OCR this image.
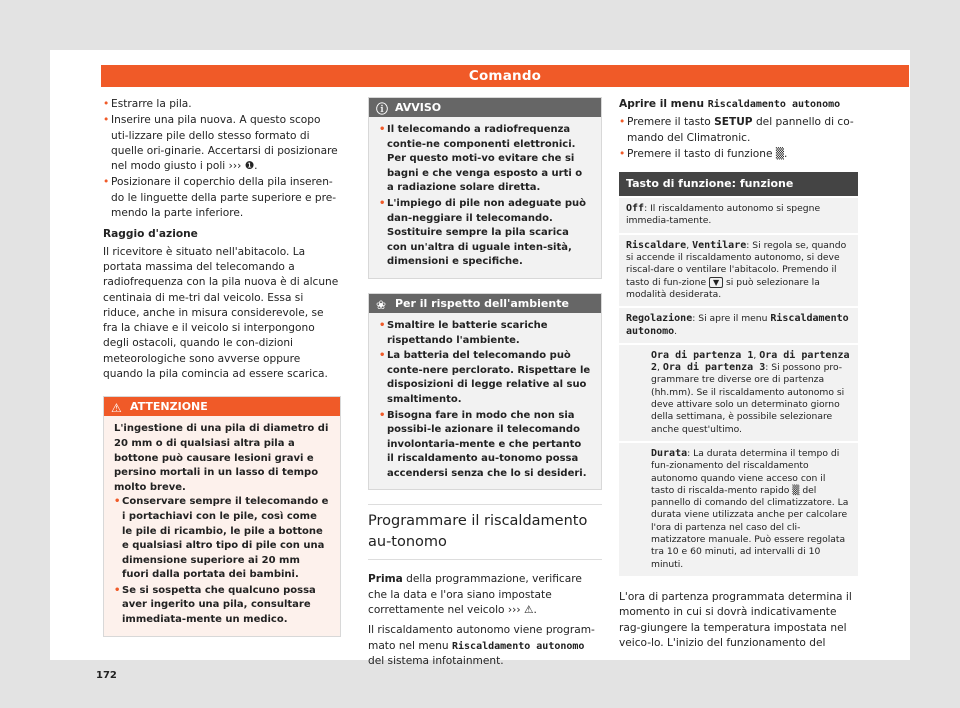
Comando
• Estrarre la pila.
• Inserire una pila nuova. A questo scopo uti-lizzare pile dello stesso formato di quelle ori-ginarie. Accertarsi di posizionare nel modo giusto i poli ››› ❶.
• Posizionare il coperchio della pila inseren-do le linguette della parte superiore e pre-mendo la parte inferiore.
Raggio d'azione
Il ricevitore è situato nell'abitacolo. La portata massima del telecomando a radiofrequenza con la pila nuova è di alcune centinaia di me-tri dal veicolo. Essa si riduce, anche in misura considerevole, se fra la chiave e il veicolo si interpongono degli ostacoli, quando le con-dizioni meteorologiche sono avverse oppure quando la pila comincia ad essere scarica.
⚠ ATTENZIONE
L'ingestione di una pila di diametro di 20 mm o di qualsiasi altra pila a bottone può causare lesioni gravi e persino mortali in un lasso di tempo molto breve.
• Conservare sempre il telecomando e i portachiavi con le pile, così come le pile di ricambio, le pile a bottone e qualsiasi altro tipo di pile con una dimensione superiore ai 20 mm fuori dalla portata dei bambini.
• Se si sospetta che qualcuno possa aver ingerito una pila, consultare immediata-mente un medico.
ⓘ AVVISO
• Il telecomando a radiofrequenza contie-ne componenti elettronici. Per questo moti-vo evitare che si bagni e che venga esposto a urti o a radiazione solare diretta.
• L'impiego di pile non adeguate può dan-neggiare il telecomando. Sostituire sempre la pila scarica con un'altra di uguale inten-sità, dimensioni e specifiche.
❀ Per il rispetto dell'ambiente
• Smaltire le batterie scariche rispettando l'ambiente.
• La batteria del telecomando può conte-nere perclorato. Rispettare le disposizioni di legge relative al suo smaltimento.
• Bisogna fare in modo che non sia possibi-le azionare il telecomando involontaria-mente e che pertanto il riscaldamento au-tonomo possa accendersi senza che lo si desideri.
Programmare il riscaldamento au-tonomo
Prima della programmazione, verificare che la data e l'ora siano impostate correttamente nel veicolo ››› ⚠.
Il riscaldamento autonomo viene program-mato nel menu Riscaldamento autonomo del sistema infotainment.
Aprire il menu Riscaldamento autonomo
• Premere il tasto SETUP del pannello di co-mando del Climatronic.
• Premere il tasto di funzione ▒.
Tasto di funzione: funzione
Off: Il riscaldamento autonomo si spegne immedia-tamente.
Riscaldare, Ventilare: Si regola se, quando si accende il riscaldamento autonomo, si deve riscal-dare o ventilare l'abitacolo. Premendo il tasto di fun-zione ▼ si può selezionare la modalità desiderata.
Regolazione: Si apre il menu Riscaldamento autonomo.
Ora di partenza 1, Ora di partenza 2, Ora di partenza 3: Si possono pro-grammare tre diverse ore di partenza (hh.mm). Se il riscaldamento autonomo si deve attivare solo un determinato giorno della settimana, è possibile selezionare anche quest'ultimo.
Durata: La durata determina il tempo di fun-zionamento del riscaldamento autonomo quando viene acceso con il tasto di riscalda-mento rapido ▒ del pannello di comando del climatizzatore. La durata viene utilizzata anche per calcolare l'ora di partenza nel caso del cli-matizzatore manuale. Può essere regolata tra 10 e 60 minuti, ad intervalli di 10 minuti.
L'ora di partenza programmata determina il momento in cui si dovrà indicativamente rag-giungere la temperatura impostata nel veico-lo. L'inizio del funzionamento del
172
